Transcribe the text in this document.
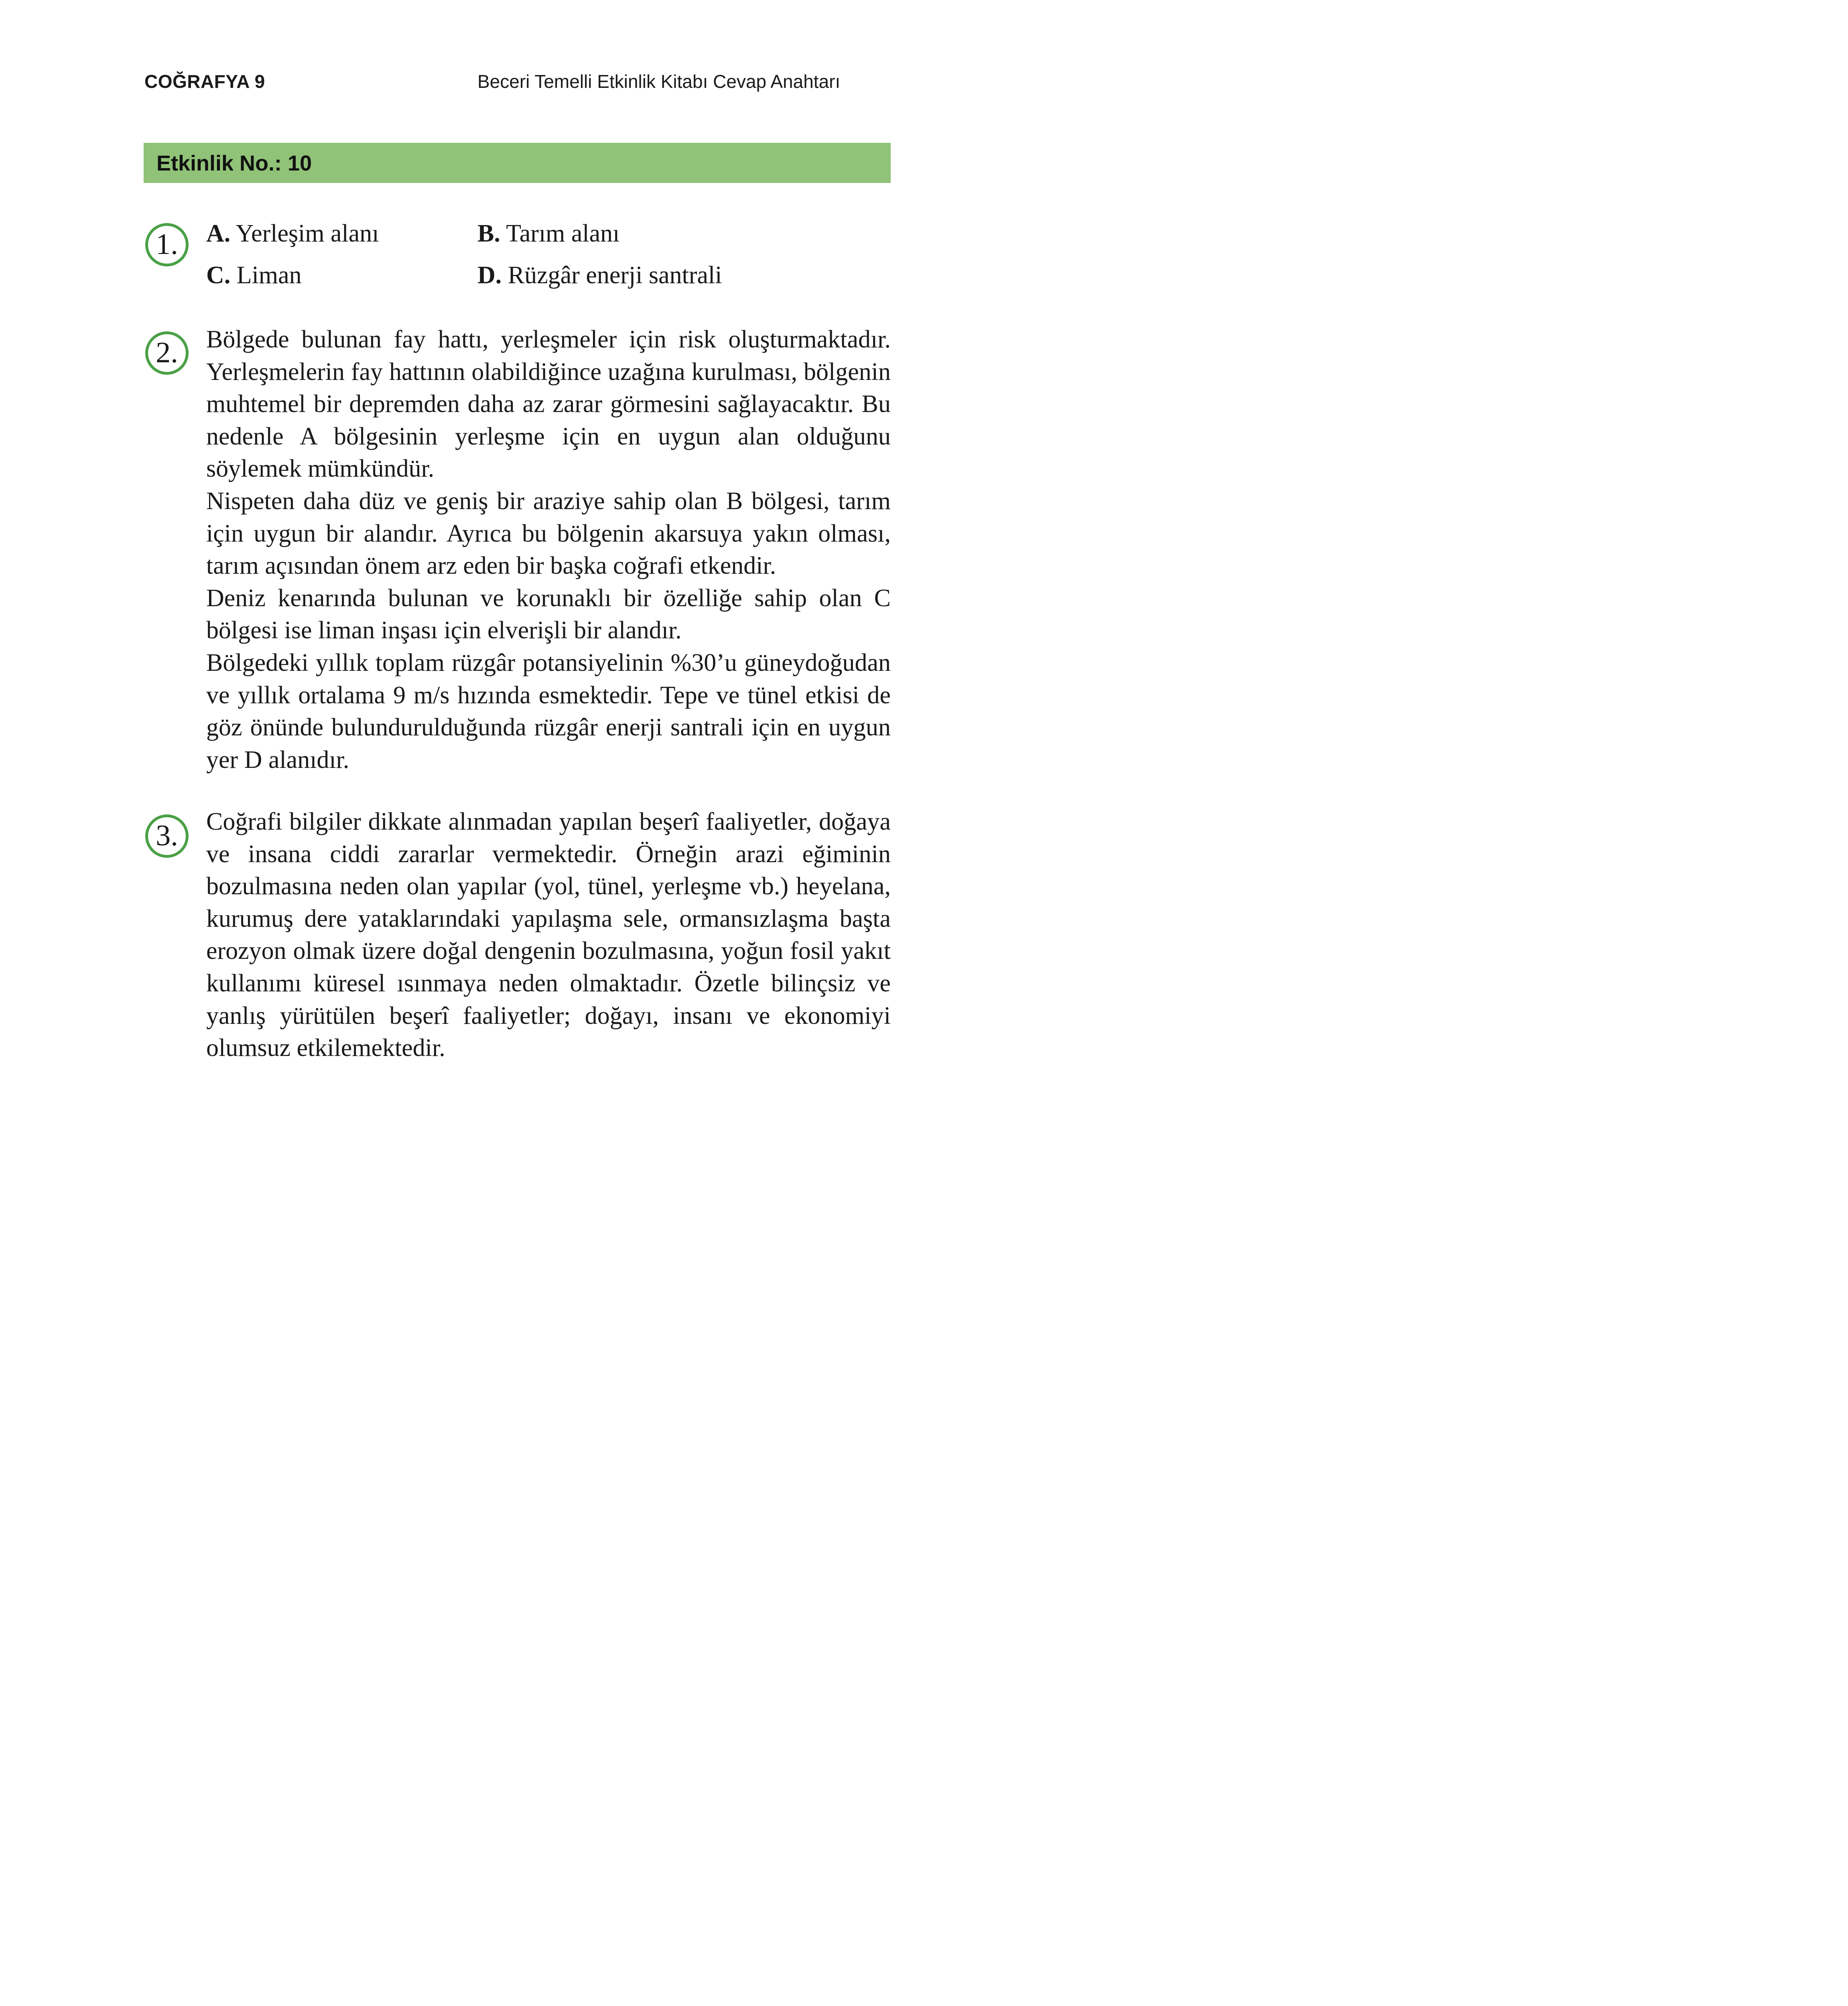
COĞRAFYA 9	Beceri Temelli Etkinlik Kitabı Cevap Anahtarı
Etkinlik No.: 10
1.	A. Yerleşim alanı	B. Tarım alanı
C. Liman	D. Rüzgâr enerji santrali
2.	Bölgede bulunan fay hattı, yerleşmeler için risk oluşturmaktadır. Yerleşmelerin fay hattının olabildiğince uzağına kurulması, bölgenin muhtemel bir depremden daha az zarar görmesini sağlayacaktır. Bu nedenle A bölgesinin yerleşme için en uygun alan olduğunu söylemek mümkündür.

Nispeten daha düz ve geniş bir araziye sahip olan B bölgesi, tarım için uygun bir alandır. Ayrıca bu bölgenin akarsuya yakın olması, tarım açısından önem arz eden bir başka coğrafi etkendir.

Deniz kenarında bulunan ve korunaklı bir özelliğe sahip olan C bölgesi ise liman inşası için elverişli bir alandır.

Bölgedeki yıllık toplam rüzgâr potansiyelinin %30’u güneydoğudan ve yıllık ortalama 9 m/s hızında esmektedir. Tepe ve tünel etkisi de göz önünde bulundurulduğunda rüzgâr enerji santrali için en uygun yer D alanıdır.

3.	Coğrafi bilgiler dikkate alınmadan yapılan beşerî faaliyetler, doğaya ve insana ciddi zararlar vermektedir. Örneğin arazi eğiminin bozulmasına neden olan yapılar (yol, tünel, yerleşme vb.) heyelana, kurumuş dere yataklarındaki yapılaşma sele, ormansızlaşma başta erozyon olmak üzere doğal dengenin bozulmasına, yoğun fosil yakıt kullanımı küresel ısınmaya neden olmaktadır. Özetle bilinçsiz ve yanlış yürütülen beşerî faaliyetler; doğayı, insanı ve ekonomiyi olumsuz etkilemektedir.
